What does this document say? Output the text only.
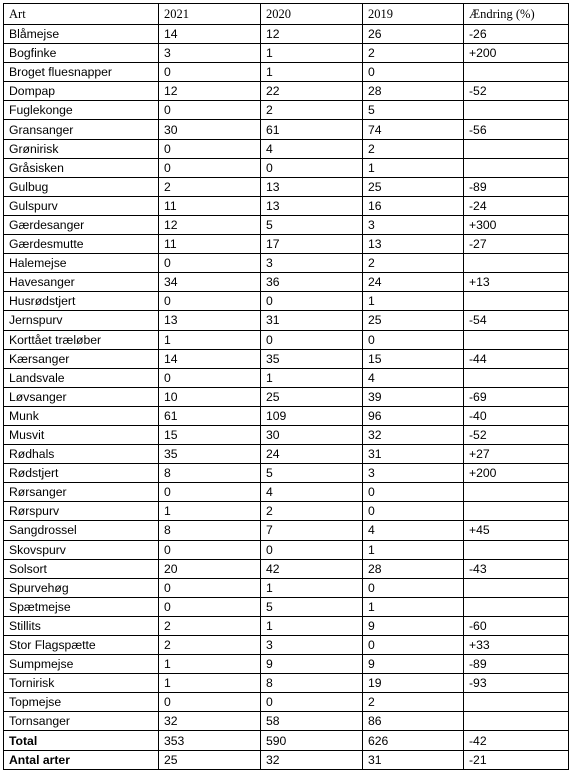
Art	2021	2020	2019	Ændring (%)
Blåmejse	14	12	26	-26
Bogfinke	3	1	2	+200
Broget fluesnapper	0	1	0	
Dompap	12	22	28	-52
Fuglekonge	0	2	5	
Gransanger	30	61	74	-56
Grønirisk	0	4	2	
Gråsisken	0	0	1	
Gulbug	2	13	25	-89
Gulspurv	11	13	16	-24
Gærdesanger	12	5	3	+300
Gærdesmutte	11	17	13	-27
Halemejse	0	3	2	
Havesanger	34	36	24	+13
Husrødstjert	0	0	1	
Jernspurv	13	31	25	-54
Korttået træløber	1	0	0	
Kærsanger	14	35	15	-44
Landsvale	0	1	4	
Løvsanger	10	25	39	-69
Munk	61	109	96	-40
Musvit	15	30	32	-52
Rødhals	35	24	31	+27
Rødstjert	8	5	3	+200
Rørsanger	0	4	0	
Rørspurv	1	2	0	
Sangdrossel	8	7	4	+45
Skovspurv	0	0	1	
Solsort	20	42	28	-43
Spurvehøg	0	1	0	
Spætmejse	0	5	1	
Stillits	2	1	9	-60
Stor Flagspætte	2	3	0	+33
Sumpmejse	1	9	9	-89
Tornirisk	1	8	19	-93
Topmejse	0	0	2	
Tornsanger	32	58	86	
Total	353	590	626	-42
Antal arter	25	32	31	-21
